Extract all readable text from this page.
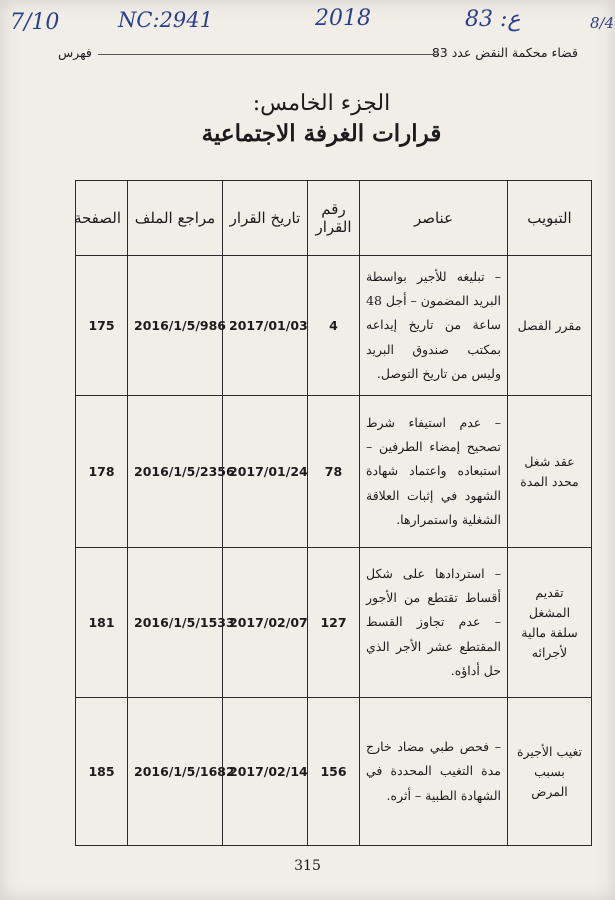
7/10	NC:2941	2018	ع: 83	8/4
قضاء محكمة النقض عدد 83
فهرس
الجزء الخامس:
قرارات الغرفة الاجتماعية
التبويب	عناصر	رقم القرار	تاريخ القرار	مراجع الملف	الصفحة
مقرر الفصل	– تبليغه للأجير بواسطة البريد المضمون – أجل 48 ساعة من تاريخ إيداعه بمكتب صندوق البريد وليس من تاريخ التوصل.	4	2017/01/03	2016/1/5/986	175
عقد شغل محدد المدة	– عدم استيفاء شرط تصحيح إمضاء الطرفين – استبعاده واعتماد شهادة الشهود في إثبات العلاقة الشغلية واستمرارها.	78	2017/01/24	2016/1/5/2356	178
تقديم المشغل سلفة مالية لأجرائه	– استردادها على شكل أقساط تقتطع من الأجور – عدم تجاوز القسط المقتطع عشر الأجر الذي حل أداؤه.	127	2017/02/07	2016/1/5/1533	181
تغيب الأجيرة بسبب المرض	– فحص طبي مضاد خارج مدة التغيب المحددة في الشهادة الطبية – أثره.	156	2017/02/14	2016/1/5/1682	185
315
